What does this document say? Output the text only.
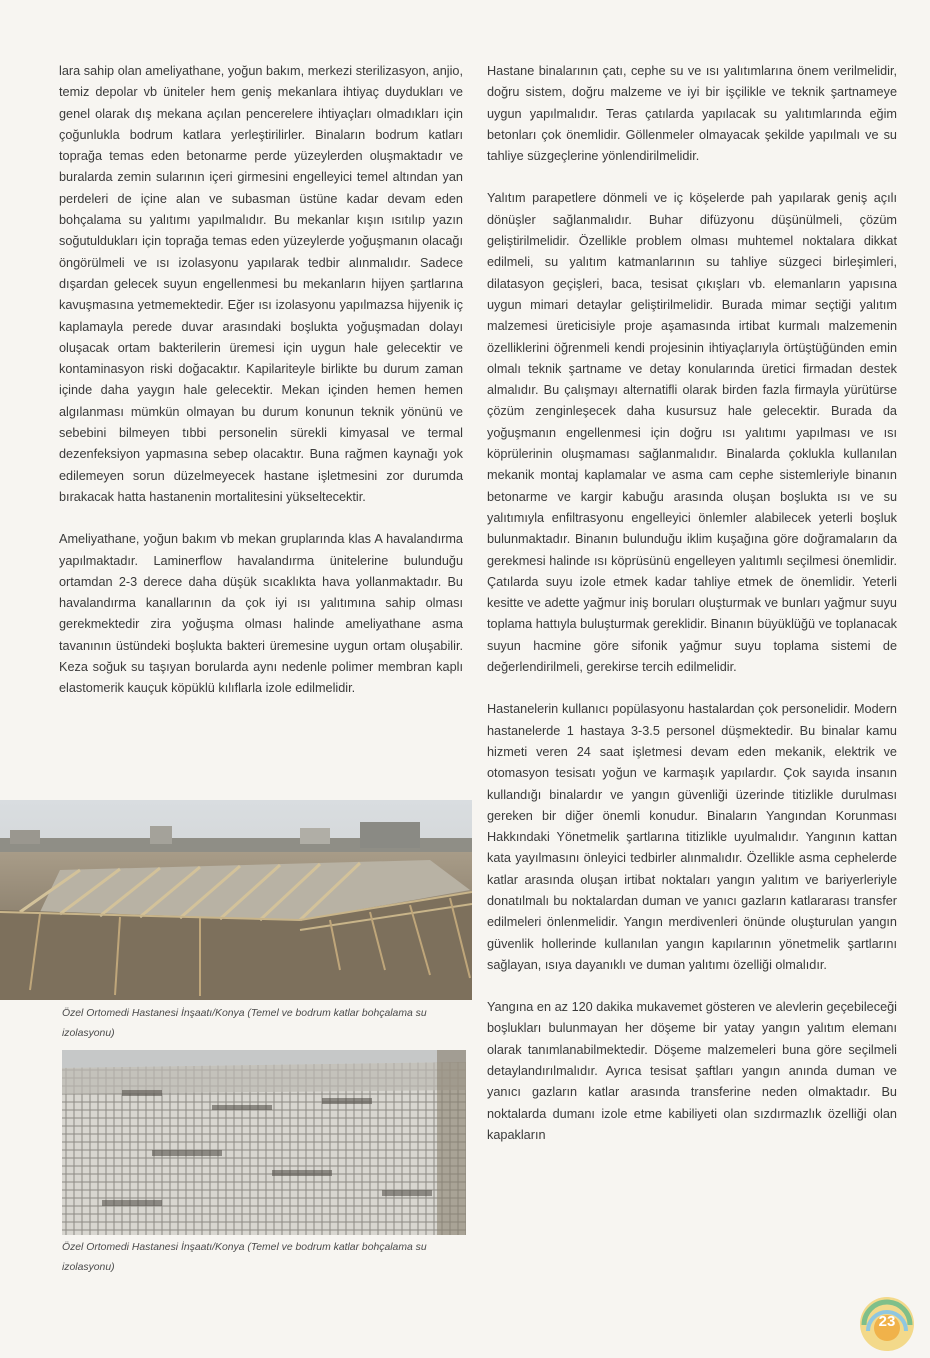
lara sahip olan ameliyathane, yoğun bakım, merkezi sterilizasyon, anjio, temiz depolar vb üniteler hem geniş mekanlara ihtiyaç duydukları ve genel olarak dış mekana açılan pencerelere ihtiyaçları olmadıkları için çoğunlukla bodrum katlara yerleştirilirler. Binaların bodrum katları toprağa temas eden betonarme perde yüzeylerden oluşmaktadır ve buralarda zemin sularının içeri girmesini engelleyici temel altından yan perdeleri de içine alan ve subasman üstüne kadar devam eden bohçalama su yalıtımı yapılmalıdır. Bu mekanlar kışın ısıtılıp yazın soğutuldukları için toprağa temas eden yüzeylerde yoğuşmanın olacağı öngörülmeli ve ısı izolasyonu yapılarak tedbir alınmalıdır. Sadece dışardan gelecek suyun engellenmesi bu mekanların hijyen şartlarına kavuşmasına yetmemektedir. Eğer ısı izolasyonu yapılmazsa hijyenik iç kaplamayla perede duvar arasındaki boşlukta yoğuşmadan dolayı oluşacak ortam bakterilerin üremesi için uygun hale gelecektir ve kontaminasyon riski doğacaktır. Kapilariteyle birlikte bu durum zaman içinde daha yaygın hale gelecektir. Mekan içinden hemen hemen algılanması mümkün olmayan bu durum konunun teknik yönünü ve sebebini bilmeyen tıbbi personelin sürekli kimyasal ve termal dezenfeksiyon yapmasına sebep olacaktır. Buna rağmen kaynağı yok edilemeyen sorun düzelmeyecek hastane işletmesini zor durumda bırakacak hatta hastanenin mortalitesini yükseltecektir.

Ameliyathane, yoğun bakım vb mekan gruplarında klas A havalandırma yapılmaktadır. Laminerflow havalandırma ünitelerine bulunduğu ortamdan 2-3 derece daha düşük sıcaklıkta hava yollanmaktadır. Bu havalandırma kanallarının da çok iyi ısı yalıtımına sahip olması gerekmektedir zira yoğuşma olması halinde ameliyathane asma tavanının üstündeki boşlukta bakteri üremesine uygun ortam oluşabilir. Keza soğuk su taşıyan borularda aynı nedenle polimer membran kaplı elastomerik kauçuk köpüklü kılıflarla izole edilmelidir.

Özel Ortomedi Hastanesi İnşaatı/Konya (Temel ve bodrum katlar bohçalama su izolasyonu)
Özel Ortomedi Hastanesi İnşaatı/Konya (Temel ve bodrum katlar bohçalama su izolasyonu)

Hastane binalarının çatı, cephe su ve ısı yalıtımlarına önem verilmelidir, doğru sistem, doğru malzeme ve iyi bir işçilikle ve teknik şartnameye uygun yapılmalıdır. Teras çatılarda yapılacak su yalıtımlarında eğim betonları çok önemlidir. Göllenmeler olmayacak şekilde yapılmalı ve su tahliye süzgeçlerine yönlendirilmelidir.

Yalıtım parapetlere dönmeli ve iç köşelerde pah yapılarak geniş açılı dönüşler sağlanmalıdır. Buhar difüzyonu düşünülmeli, çözüm geliştirilmelidir. Özellikle problem olması muhtemel noktalara dikkat edilmeli, su yalıtım katmanlarının su tahliye süzgeci birleşimleri, dilatasyon geçişleri, baca, tesisat çıkışları vb. elemanların yapısına uygun mimari detaylar geliştirilmelidir. Burada mimar seçtiği yalıtım malzemesi üreticisiyle proje aşamasında irtibat kurmalı malzemenin özelliklerini öğrenmeli kendi projesinin ihtiyaçlarıyla örtüştüğünden emin olmalı teknik şartname ve detay konularında üretici firmadan destek almalıdır. Bu çalışmayı alternatifli olarak birden fazla firmayla yürütürse çözüm zenginleşecek daha kusursuz hale gelecektir. Burada da yoğuşmanın engellenmesi için doğru ısı yalıtımı yapılması ve ısı köprülerinin oluşmaması sağlanmalıdır. Binalarda çoklukla kullanılan mekanik montaj kaplamalar ve asma cam cephe sistemleriyle binanın betonarme ve kargir kabuğu arasında oluşan boşlukta ısı ve su yalıtımıyla enfiltrasyonu engelleyici önlemler alabilecek yeterli boşluk bulunmaktadır. Binanın bulunduğu iklim kuşağına göre doğramaların da gerekmesi halinde ısı köprüsünü engelleyen yalıtımlı seçilmesi önemlidir. Çatılarda suyu izole etmek kadar tahliye etmek de önemlidir. Yeterli kesitte ve adette yağmur iniş boruları oluşturmak ve bunları yağmur suyu toplama hattıyla buluşturmak gereklidir. Binanın büyüklüğü ve toplanacak suyun hacmine göre sifonik yağmur suyu toplama sistemi de değerlendirilmeli, gerekirse tercih edilmelidir.

Hastanelerin kullanıcı popülasyonu hastalardan çok personelidir. Modern hastanelerde 1 hastaya 3-3.5 personel düşmektedir. Bu binalar kamu hizmeti veren 24 saat işletmesi devam eden mekanik, elektrik ve otomasyon tesisatı yoğun ve karmaşık yapılardır. Çok sayıda insanın kullandığı binalardır ve yangın güvenliği üzerinde titizlikle durulması gereken bir diğer önemli konudur. Binaların Yangından Korunması Hakkındaki Yönetmelik şartlarına titizlikle uyulmalıdır. Yangının kattan kata yayılmasını önleyici tedbirler alınmalıdır. Özellikle asma cephelerde katlar arasında oluşan irtibat noktaları yangın yalıtım ve bariyerleriyle donatılmalı bu noktalardan duman ve yanıcı gazların katlararası transfer edilmeleri önlenmelidir. Yangın merdivenleri önünde oluşturulan yangın güvenlik hollerinde kullanılan yangın kapılarının yönetmelik şartlarını sağlayan, ısıya dayanıklı ve duman yalıtımı özelliği olmalıdır.

Yangına en az 120 dakika mukavemet gösteren ve alevlerin geçebileceği boşlukları bulunmayan her döşeme bir yatay yangın yalıtım elemanı olarak tanımlanabilmektedir. Döşeme malzemeleri buna göre seçilmeli detaylandırılmalıdır. Ayrıca tesisat şaftları yangın anında duman ve yanıcı gazların katlar arasında transferine neden olmaktadır. Bu noktalarda dumanı izole etme kabiliyeti olan sızdırmazlık özelliği olan kapakların

23
